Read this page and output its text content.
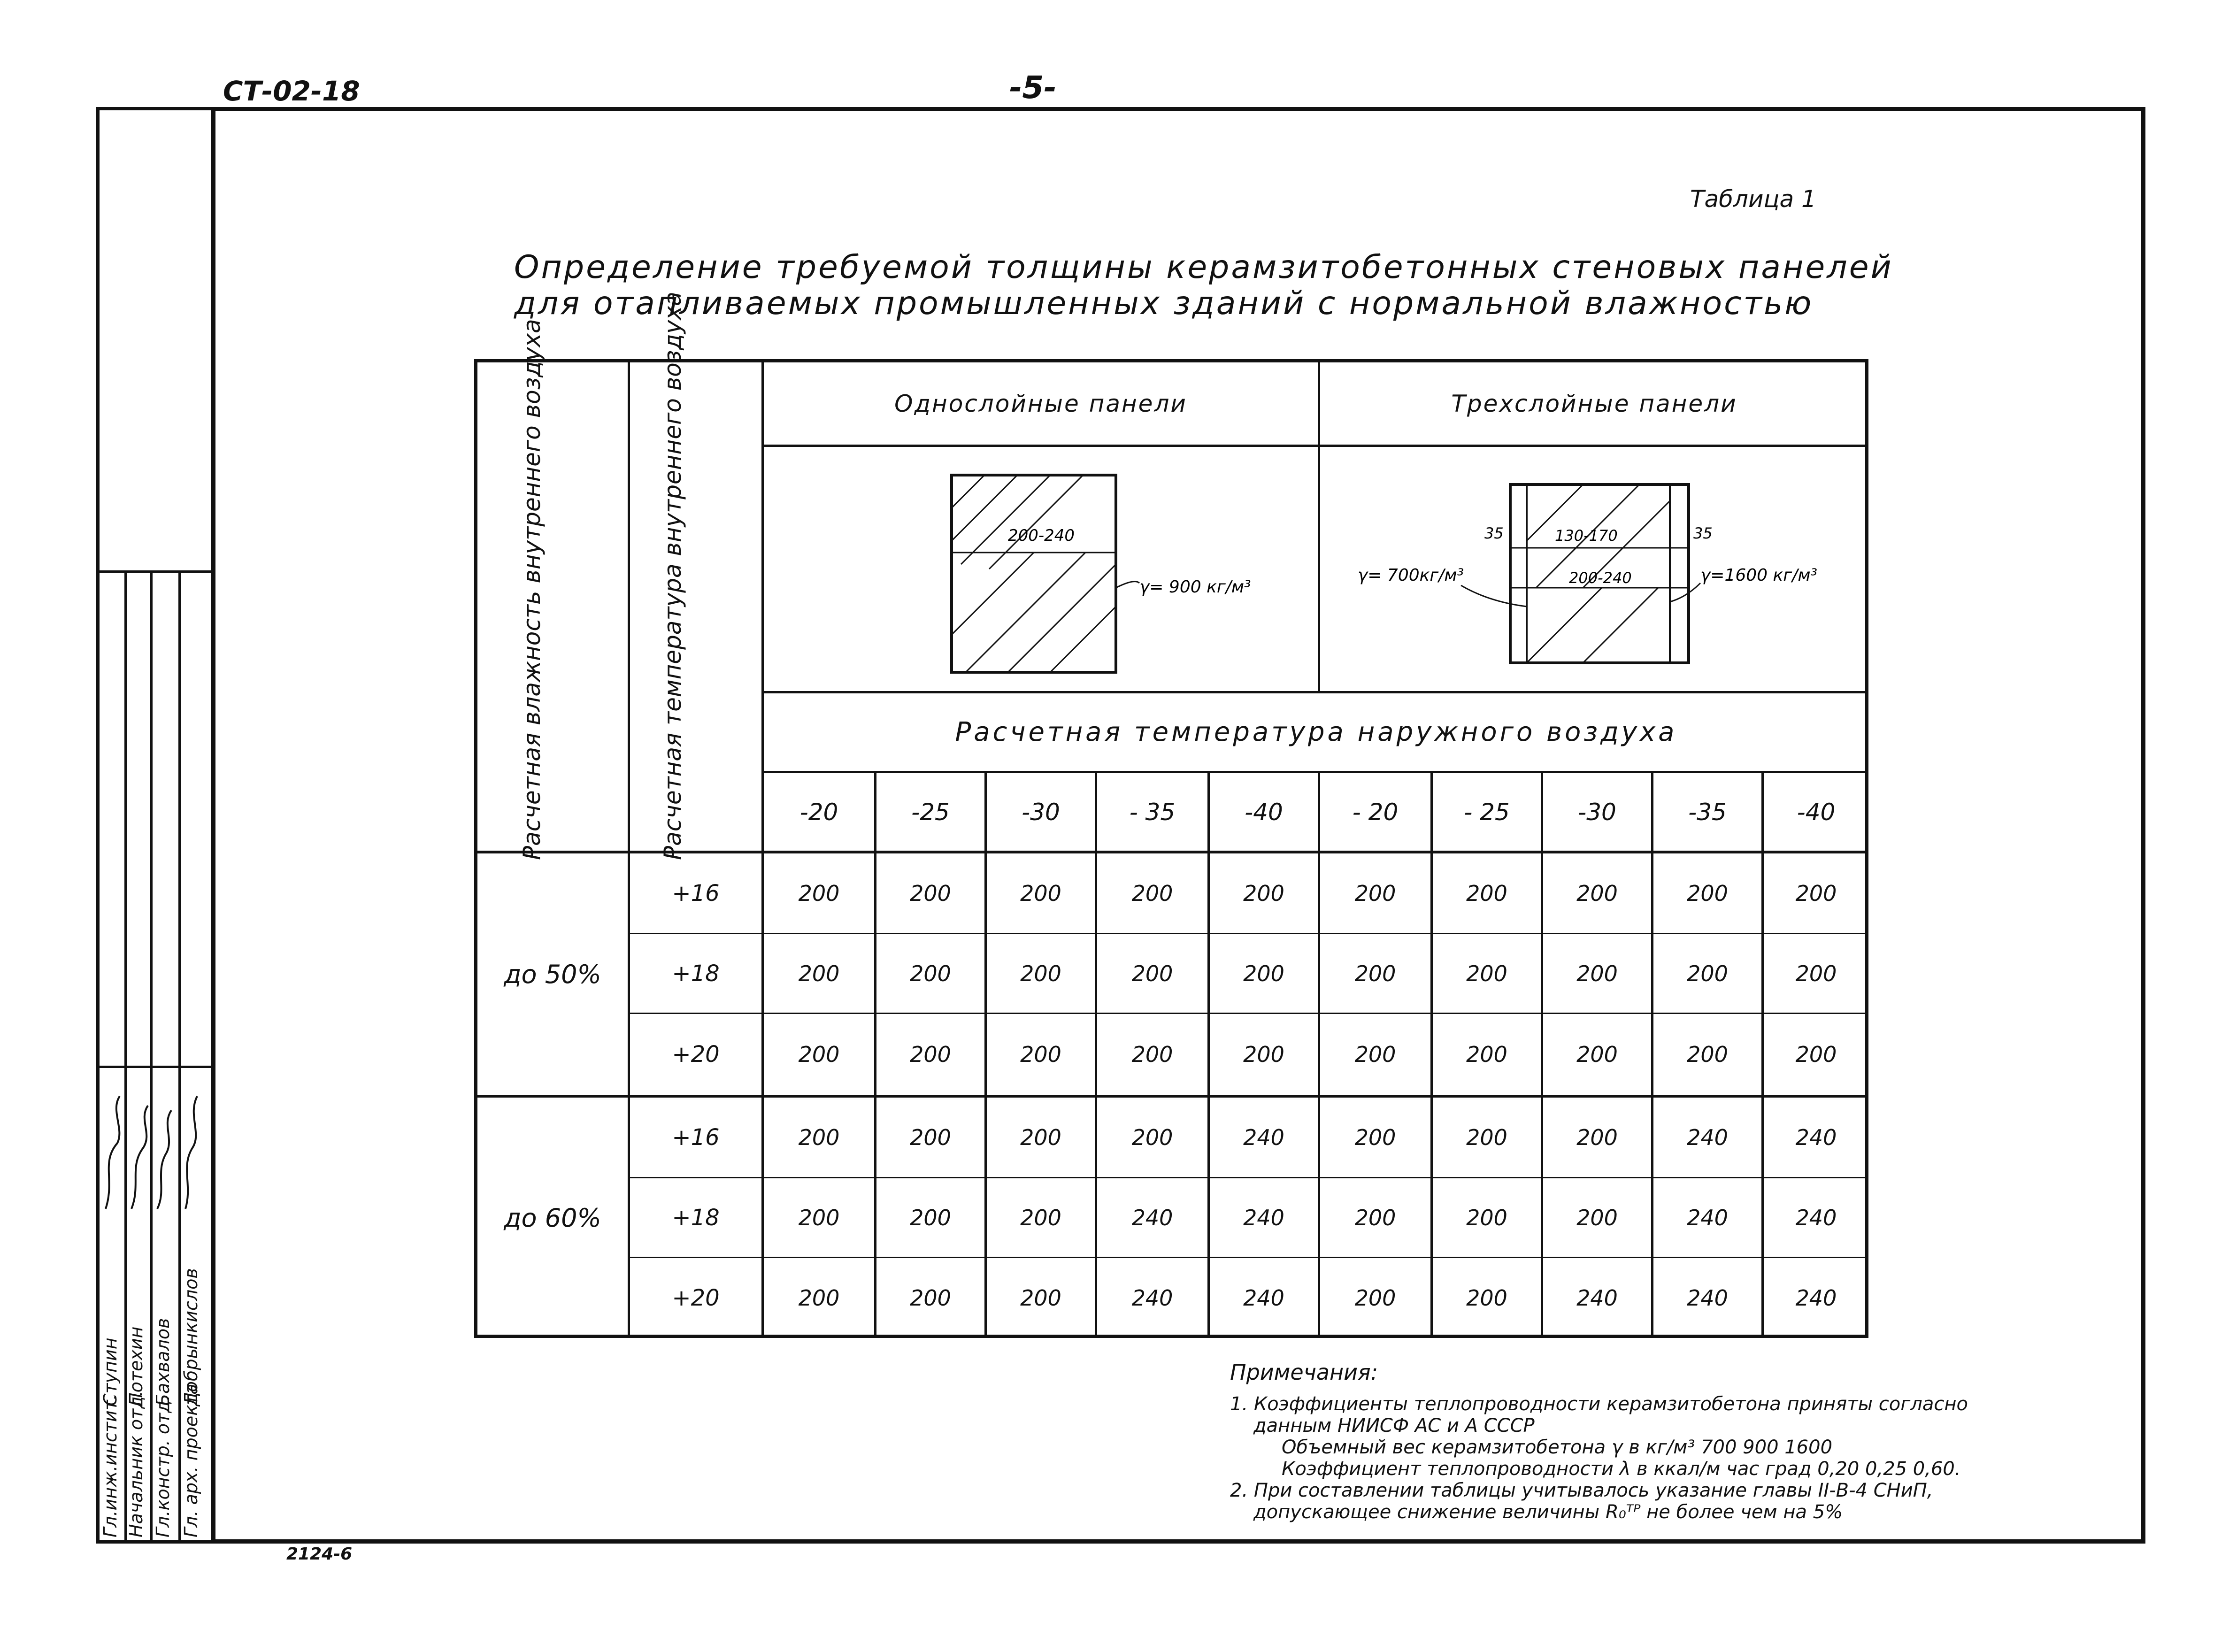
СТ-02-18	-5-
Гл.инж.инстит. Начальник отд. Гл.констр. отд. Гл. арх. проекта
Ступин Потехин Бахвалов Добрынкислов
Таблица 1
Определение требуемой толщины керамзитобетонных стеновых панелей
для отапливаемых промышленных зданий с нормальной влажностью
Расчетная влажность внутреннего воздуха	Расчетная температура внутреннего воздуха	Однослойные панели	Трехслойные панели
Расчетная температура наружного воздуха
200-240
γ= 900 кг/м³
130-170
200-240
35	35
γ= 700кг/м³	γ=1600 кг/м³
-20	-25	-30	- 35	-40	- 20	- 25	-30	-35	-40
до 50%
до 60%
+16	200	200	200	200	200	200	200	200	200	200
+18	200	200	200	200	200	200	200	200	200	200
+20	200	200	200	200	200	200	200	200	200	200
+16	200	200	200	200	240	200	200	200	240	240
+18	200	200	200	240	240	200	200	200	240	240
+20	200	200	200	240	240	200	200	240	240	240
Примечания:
1. Коэффициенты теплопроводности керамзитобетона приняты согласно
данным НИИСФ АС и А СССР
Объемный вес керамзитобетона γ в кг/м³ 700 900 1600
Коэффициент теплопроводности λ в ккал/м час град 0,20 0,25 0,60.
2. При составлении таблицы учитывалось указание главы II-В-4 СНиП,
допускающее снижение величины R₀ᵀᴾ не более чем на 5%
2124-6
